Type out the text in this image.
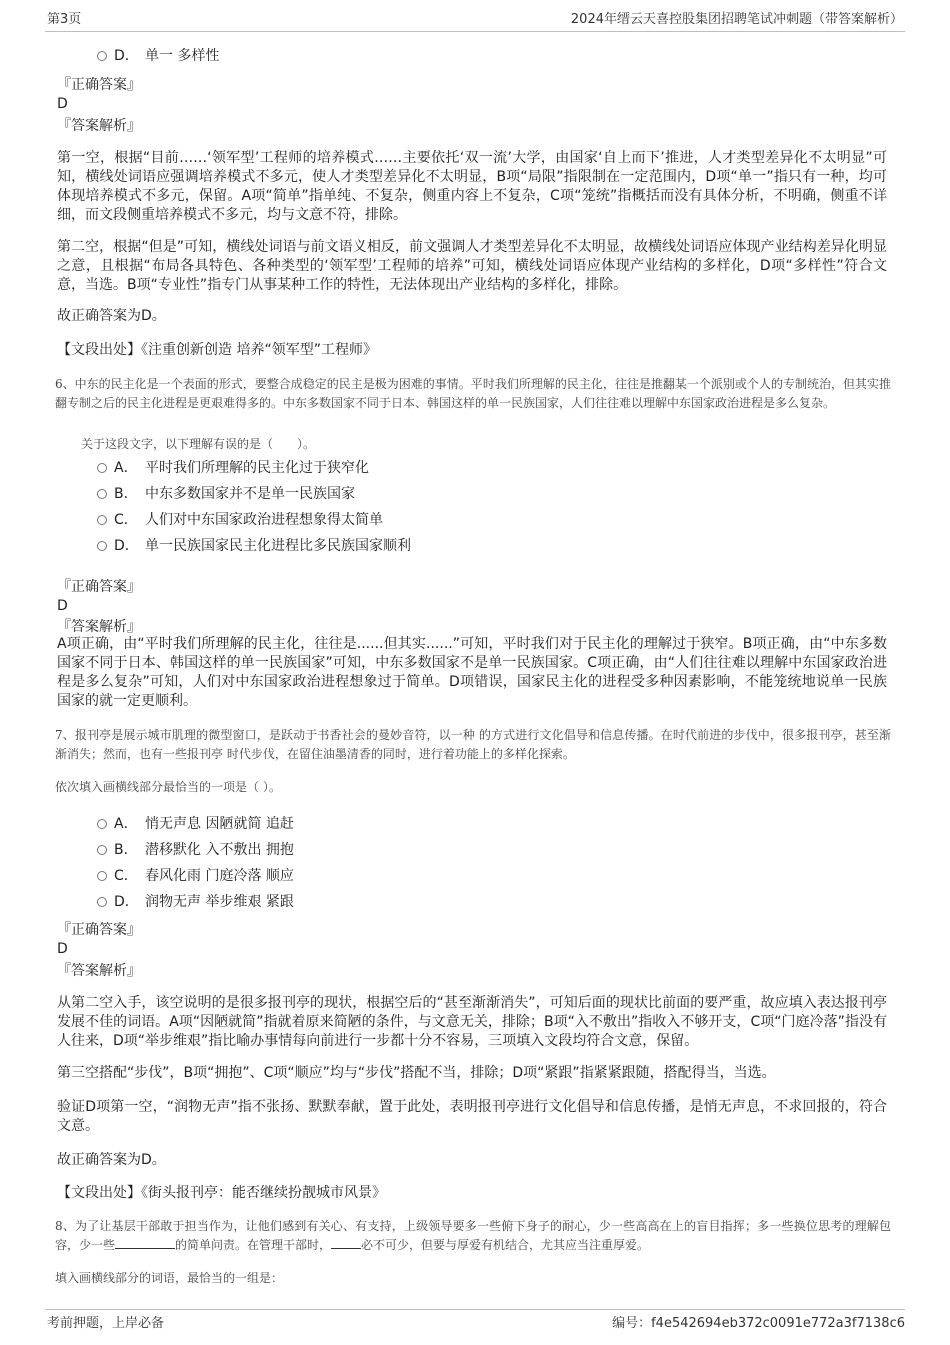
第3页	2024年缙云天喜控股集团招聘笔试冲刺题（带答案解析）
D． 单一 多样性
『正确答案』
D
『答案解析』

第一空，根据“目前……‘领军型’工程师的培养模式……主要依托‘双一流’大学，由国家‘自上而下’推进，人才类型差异化不太明显”可知，横线处词语应强调培养模式不多元，使人才类型差异化不太明显，B项“局限”指限制在一定范围内，D项“单一”指只有一种，均可体现培养模式不多元，保留。A项“简单”指单纯、不复杂，侧重内容上不复杂，C项“笼统”指概括而没有具体分析，不明确，侧重不详细，而文段侧重培养模式不多元，均与文意不符，排除。

第二空，根据“但是”可知，横线处词语与前文语义相反，前文强调人才类型差异化不太明显，故横线处词语应体现产业结构差异化明显之意，且根据“布局各具特色、各种类型的‘领军型’工程师的培养”可知，横线处词语应体现产业结构的多样化，D项“多样性”符合文意，当选。B项“专业性”指专门从事某种工作的特性，无法体现出产业结构的多样化，排除。

故正确答案为D。

【文段出处】《注重创新创造 培养“领军型”工程师》

6、中东的民主化是一个表面的形式，要整合成稳定的民主是极为困难的事情。平时我们所理解的民主化，往往是推翻某一个派别或个人的专制统治，但其实推翻专制之后的民主化进程是更艰难得多的。中东多数国家不同于日本、韩国这样的单一民族国家，人们往往难以理解中东国家政治进程是多么复杂。

关于这段文字，以下理解有误的是（　　）。
A． 平时我们所理解的民主化过于狭窄化
B． 中东多数国家并不是单一民族国家
C． 人们对中东国家政治进程想象得太简单
D． 单一民族国家民主化进程比多民族国家顺利
『正确答案』
D
『答案解析』

A项正确，由“平时我们所理解的民主化，往往是......但其实......”可知，平时我们对于民主化的理解过于狭窄。B项正确，由“中东多数国家不同于日本、韩国这样的单一民族国家”可知，中东多数国家不是单一民族国家。C项正确，由“人们往往难以理解中东国家政治进程是多么复杂”可知，人们对中东国家政治进程想象过于简单。D项错误，国家民主化的进程受多种因素影响，不能笼统地说单一民族国家的就一定更顺利。

7、报刊亭是展示城市肌理的微型窗口，是跃动于书香社会的曼妙音符，以一种 的方式进行文化倡导和信息传播。在时代前进的步伐中，很多报刊亭，甚至渐渐消失；然而，也有一些报刊亭 时代步伐，在留住油墨清香的同时，进行着功能上的多样化探索。

依次填入画横线部分最恰当的一项是（ ）。
A． 悄无声息 因陋就简 追赶
B． 潜移默化 入不敷出 拥抱
C． 春风化雨 门庭冷落 顺应
D． 润物无声 举步维艰 紧跟
『正确答案』
D
『答案解析』

从第二空入手，该空说明的是很多报刊亭的现状，根据空后的“甚至渐渐消失”，可知后面的现状比前面的要严重，故应填入表达报刊亭发展不佳的词语。A项“因陋就简”指就着原来简陋的条件，与文意无关，排除；B项“入不敷出”指收入不够开支，C项“门庭冷落”指没有人往来，D项“举步维艰”指比喻办事情每向前进行一步都十分不容易，三项填入文段均符合文意，保留。

第三空搭配“步伐”，B项“拥抱”、C项“顺应”均与“步伐”搭配不当，排除；D项“紧跟”指紧紧跟随，搭配得当，当选。

验证D项第一空，“润物无声”指不张扬、默默奉献，置于此处，表明报刊亭进行文化倡导和信息传播，是悄无声息，不求回报的，符合文意。

故正确答案为D。

【文段出处】《街头报刊亭：能否继续扮靓城市风景》

8、为了让基层干部敢于担当作为，让他们感到有关心、有支持，上级领导要多一些俯下身子的耐心，少一些高高在上的盲目指挥；多一些换位思考的理解包容，少一些	的简单问责。在管理干部时，	必不可少，但要与厚爱有机结合，尤其应当注重厚爱。

填入画横线部分的词语，最恰当的一组是：
考前押题，上岸必备	编号：f4e542694eb372c0091e772a3f7138c6
